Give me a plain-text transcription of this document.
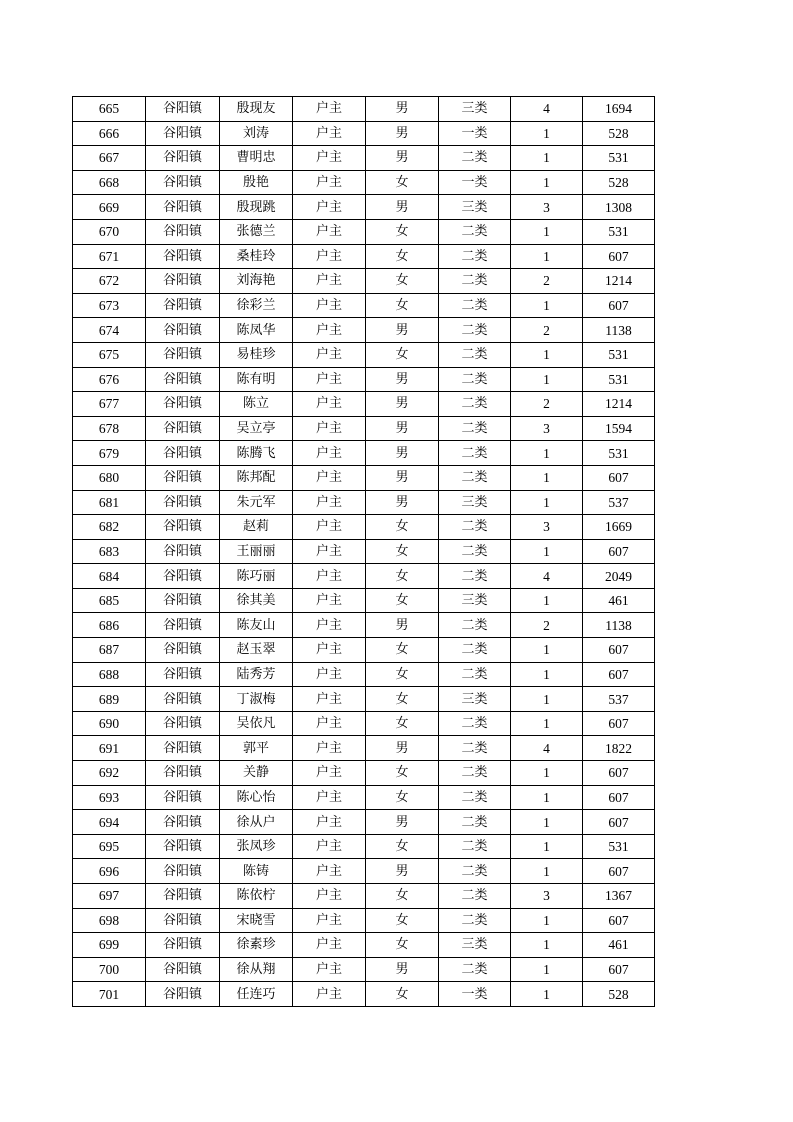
665	谷阳镇	殷现友	户主	男	三类	4	1694
666	谷阳镇	刘涛	户主	男	一类	1	528
667	谷阳镇	曹明忠	户主	男	二类	1	531
668	谷阳镇	殷艳	户主	女	一类	1	528
669	谷阳镇	殷现跳	户主	男	三类	3	1308
670	谷阳镇	张德兰	户主	女	二类	1	531
671	谷阳镇	桑桂玲	户主	女	二类	1	607
672	谷阳镇	刘海艳	户主	女	二类	2	1214
673	谷阳镇	徐彩兰	户主	女	二类	1	607
674	谷阳镇	陈凤华	户主	男	二类	2	1138
675	谷阳镇	易桂珍	户主	女	二类	1	531
676	谷阳镇	陈有明	户主	男	二类	1	531
677	谷阳镇	陈立	户主	男	二类	2	1214
678	谷阳镇	吴立亭	户主	男	二类	3	1594
679	谷阳镇	陈腾飞	户主	男	二类	1	531
680	谷阳镇	陈邦配	户主	男	二类	1	607
681	谷阳镇	朱元军	户主	男	三类	1	537
682	谷阳镇	赵莉	户主	女	二类	3	1669
683	谷阳镇	王丽丽	户主	女	二类	1	607
684	谷阳镇	陈巧丽	户主	女	二类	4	2049
685	谷阳镇	徐其美	户主	女	三类	1	461
686	谷阳镇	陈友山	户主	男	二类	2	1138
687	谷阳镇	赵玉翠	户主	女	二类	1	607
688	谷阳镇	陆秀芳	户主	女	二类	1	607
689	谷阳镇	丁淑梅	户主	女	三类	1	537
690	谷阳镇	吴依凡	户主	女	二类	1	607
691	谷阳镇	郭平	户主	男	二类	4	1822
692	谷阳镇	关静	户主	女	二类	1	607
693	谷阳镇	陈心怡	户主	女	二类	1	607
694	谷阳镇	徐从户	户主	男	二类	1	607
695	谷阳镇	张凤珍	户主	女	二类	1	531
696	谷阳镇	陈铸	户主	男	二类	1	607
697	谷阳镇	陈依柠	户主	女	二类	3	1367
698	谷阳镇	宋晓雪	户主	女	二类	1	607
699	谷阳镇	徐素珍	户主	女	三类	1	461
700	谷阳镇	徐从翔	户主	男	二类	1	607
701	谷阳镇	任连巧	户主	女	一类	1	528
